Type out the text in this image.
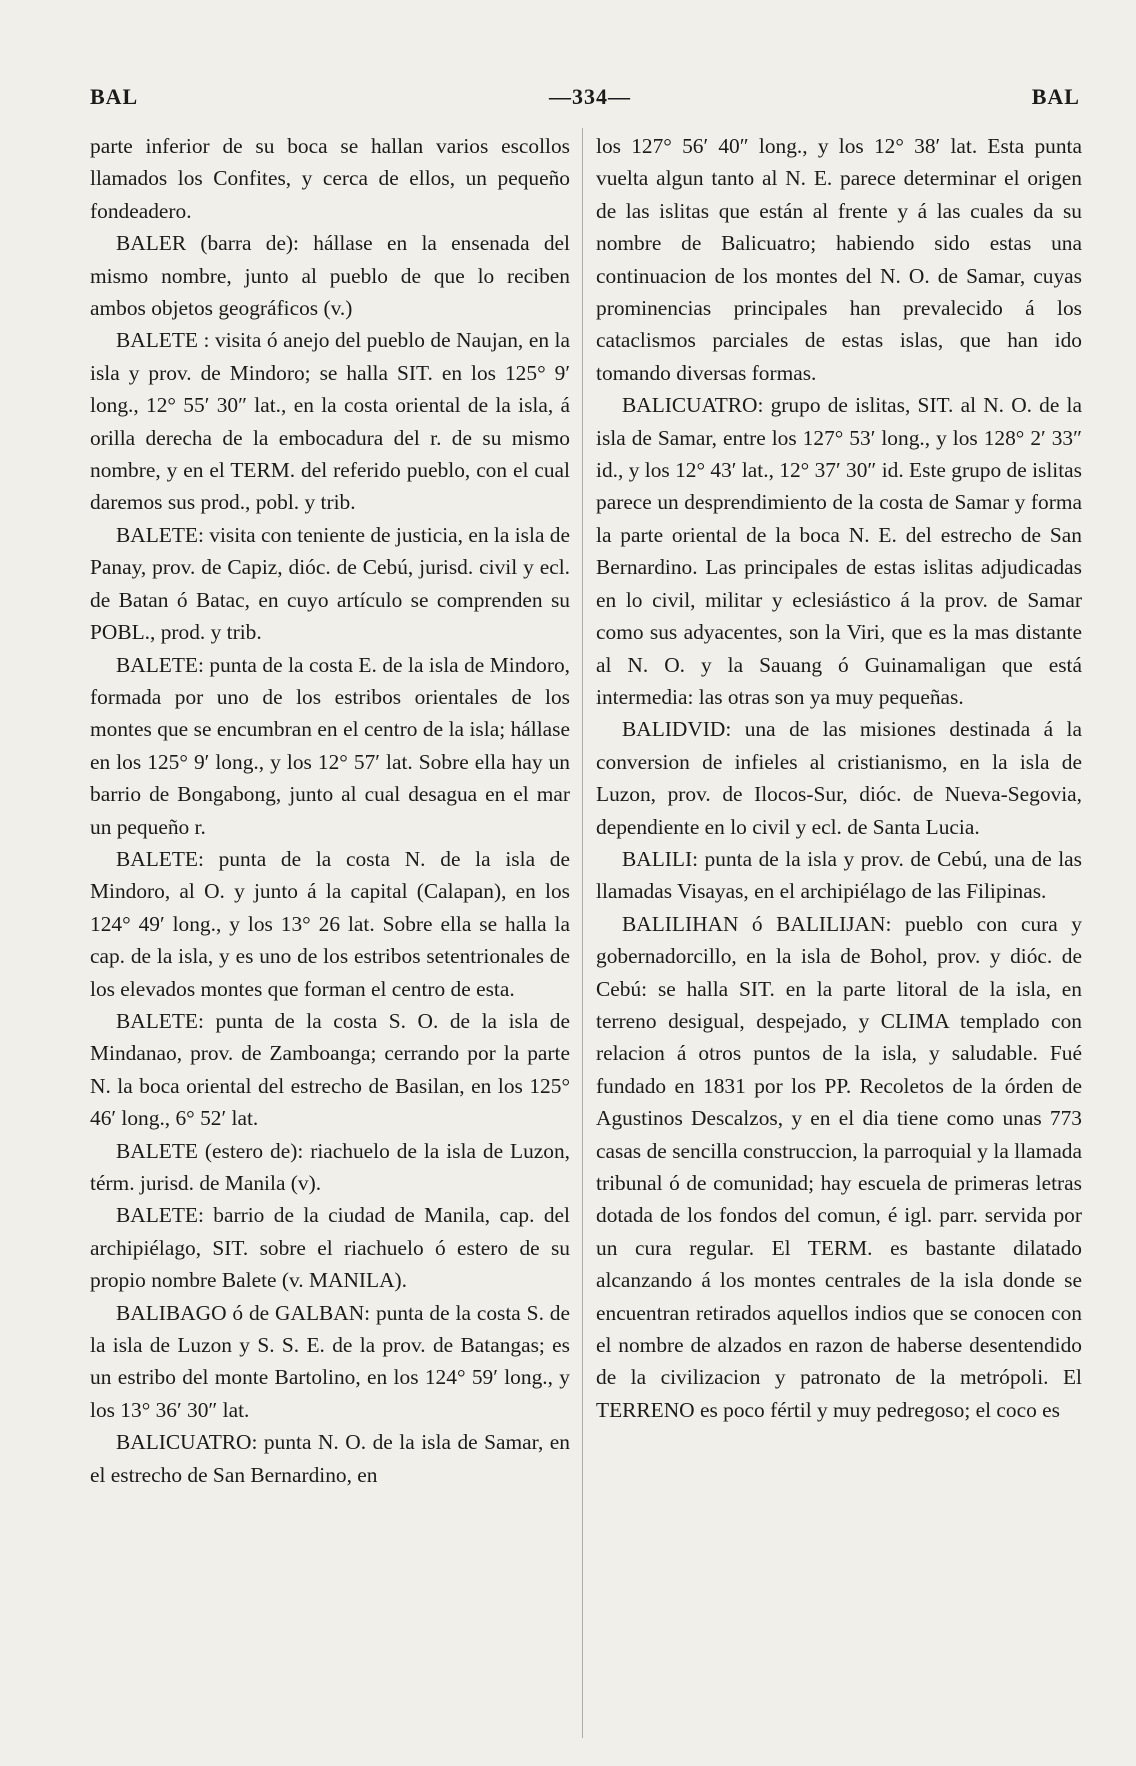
BAL	—334—	BAL

parte inferior de su boca se hallan varios escollos llamados los Confites, y cerca de ellos, un pequeño fondeadero.

BALER (barra de): hállase en la ensenada del mismo nombre, junto al pueblo de que lo reciben ambos objetos geográficos (v.)

BALETE : visita ó anejo del pueblo de Naujan, en la isla y prov. de Mindoro; se halla SIT. en los 125° 9′ long., 12° 55′ 30″ lat., en la costa oriental de la isla, á orilla derecha de la embocadura del r. de su mismo nombre, y en el TERM. del referido pueblo, con el cual daremos sus prod., pobl. y trib.

BALETE: visita con teniente de justicia, en la isla de Panay, prov. de Capiz, dióc. de Cebú, jurisd. civil y ecl. de Batan ó Batac, en cuyo artículo se comprenden su POBL., prod. y trib.

BALETE: punta de la costa E. de la isla de Mindoro, formada por uno de los estribos orientales de los montes que se encumbran en el centro de la isla; hállase en los 125° 9′ long., y los 12° 57′ lat. Sobre ella hay un barrio de Bongabong, junto al cual desagua en el mar un pequeño r.

BALETE: punta de la costa N. de la isla de Mindoro, al O. y junto á la capital (Calapan), en los 124° 49′ long., y los 13° 26 lat. Sobre ella se halla la cap. de la isla, y es uno de los estribos setentrionales de los elevados montes que forman el centro de esta.

BALETE: punta de la costa S. O. de la isla de Mindanao, prov. de Zamboanga; cerrando por la parte N. la boca oriental del estrecho de Basilan, en los 125° 46′ long., 6° 52′ lat.

BALETE (estero de): riachuelo de la isla de Luzon, térm. jurisd. de Manila (v).

BALETE: barrio de la ciudad de Manila, cap. del archipiélago, SIT. sobre el riachuelo ó estero de su propio nombre Balete (v. MANILA).

BALIBAGO ó de GALBAN: punta de la costa S. de la isla de Luzon y S. S. E. de la prov. de Batangas; es un estribo del monte Bartolino, en los 124° 59′ long., y los 13° 36′ 30″ lat.

BALICUATRO: punta N. O. de la isla de Samar, en el estrecho de San Bernardino, en

los 127° 56′ 40″ long., y los 12° 38′ lat. Esta punta vuelta algun tanto al N. E. parece determinar el origen de las islitas que están al frente y á las cuales da su nombre de Balicuatro; habiendo sido estas una continuacion de los montes del N. O. de Samar, cuyas prominencias principales han prevalecido á los cataclismos parciales de estas islas, que han ido tomando diversas formas.

BALICUATRO: grupo de islitas, SIT. al N. O. de la isla de Samar, entre los 127° 53′ long., y los 128° 2′ 33″ id., y los 12° 43′ lat., 12° 37′ 30″ id. Este grupo de islitas parece un desprendimiento de la costa de Samar y forma la parte oriental de la boca N. E. del estrecho de San Bernardino. Las principales de estas islitas adjudicadas en lo civil, militar y eclesiástico á la prov. de Samar como sus adyacentes, son la Viri, que es la mas distante al N. O. y la Sauang ó Guinamaligan que está intermedia: las otras son ya muy pequeñas.

BALIDVID: una de las misiones destinada á la conversion de infieles al cristianismo, en la isla de Luzon, prov. de Ilocos-Sur, dióc. de Nueva-Segovia, dependiente en lo civil y ecl. de Santa Lucia.

BALILI: punta de la isla y prov. de Cebú, una de las llamadas Visayas, en el archipiélago de las Filipinas.

BALILIHAN ó BALILIJAN: pueblo con cura y gobernadorcillo, en la isla de Bohol, prov. y dióc. de Cebú: se halla SIT. en la parte litoral de la isla, en terreno desigual, despejado, y CLIMA templado con relacion á otros puntos de la isla, y saludable. Fué fundado en 1831 por los PP. Recoletos de la órden de Agustinos Descalzos, y en el dia tiene como unas 773 casas de sencilla construccion, la parroquial y la llamada tribunal ó de comunidad; hay escuela de primeras letras dotada de los fondos del comun, é igl. parr. servida por un cura regular. El TERM. es bastante dilatado alcanzando á los montes centrales de la isla donde se encuentran retirados aquellos indios que se conocen con el nombre de alzados en razon de haberse desentendido de la civilizacion y patronato de la metrópoli. El TERRENO es poco fértil y muy pedregoso; el coco es
